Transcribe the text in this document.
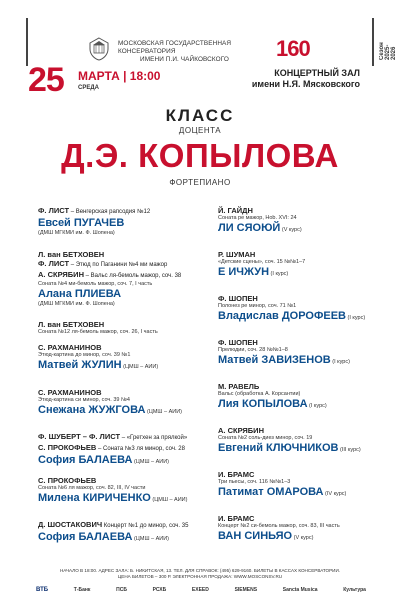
МОСКОВСКАЯ ГОСУДАРСТВЕННАЯ КОНСЕРВАТОРИЯ
ИМЕНИ П.И. ЧАЙКОВСКОГО	160	Сезон 2025-2026
25 МАРТА | 18:00
СРЕДА
КОНЦЕРТНЫЙ ЗАЛ
имени Н.Я. Мясковского
КЛАСС
ДОЦЕНТА
Д.Э. КОПЫЛОВА
ФОРТЕПИАНО
Ф. ЛИСТ – Венгерская рапсодия №12
Евсей ПУГАЧЕВ
(ДМШ МГКМИ им. Ф. Шопена)
Л. ван БЕТХОВЕН
Ф. ЛИСТ – Этюд по Паганини №4 ми мажор
А. СКРЯБИН – Вальс ля-бемоль мажор, соч. 38
Соната №4 ми-бемоль мажор, соч. 7, I часть
Алана ПЛИЕВА
(ДМШ МГКМИ им. Ф. Шопена)
Л. ван БЕТХОВЕН
Соната №12 ля-бемоль мажор, соч. 26, I часть
С. РАХМАНИНОВ
Этюд-картина до минор, соч. 39 №1
Матвей ЖУЛИН (ЦМШ – АИИ)
С. РАХМАНИНОВ
Этюд-картина си минор, соч. 39 №4
Снежана ЖУЖГОВА (ЦМШ – АИИ)
Ф. ШУБЕРТ – Ф. ЛИСТ – «Гретхен за прялкой»
С. ПРОКОФЬЕВ – Соната №3 ля минор, соч. 28
София БАЛАЕВА (ЦМШ – АИИ)
С. ПРОКОФЬЕВ
Соната №6 ля мажор, соч. 82, III, IV части
Милена КИРИЧЕНКО (ЦМШ – АИИ)
Д. ШОСТАКОВИЧ Концерт №1 до минор, соч. 35
София БАЛАЕВА (ЦМШ – АИИ)
Й. ГАЙДН
Соната ре мажор, Hob. XVI: 24
ЛИ СЯОЮЙ (V курс)
Р. ШУМАН
«Детские сцены», соч. 15 №№1–7
Е ИЧЖУН (I курс)
Ф. ШОПЕН
Полонез ре минор, соч. 71 №1
Владислав ДОРОФЕЕВ (I курс)
Ф. ШОПЕН
Прелюдии, соч. 28 №№1–8
Матвей ЗАВИЗЕНОВ (I курс)
М. РАВЕЛЬ
Вальс (обработка А. Корсантии)
Лия КОПЫЛОВА (I курс)
А. СКРЯБИН
Соната №2 соль-диез минор, соч. 19
Евгений КЛЮЧНИКОВ (III курс)
И. БРАМС
Три пьесы, соч. 116 №№1–3
Патимат ОМАРОВА (IV курс)
И. БРАМС
Концерт №2 си-бемоль мажор, соч. 83, III часть
ВАН СИНЬЯО (V курс)
НАЧАЛО В 18:00. АДРЕС ЗАЛА: Б. НИКИТСКАЯ, 13. ТЕЛ. ДЛЯ СПРАВОК: (495) 629-9160. БИЛЕТЫ В КАССАХ КОНСЕРВАТОРИИ.
ЦЕНА БИЛЕТОВ – 300 Р. ЭЛЕКТРОННАЯ ПРОДАЖА: WWW.MOSCONSV.RU
ВТБ	Т-Банк	ПСБ	РСХБ	EXEED	SIEMENS	Sancta Musica	Культура
